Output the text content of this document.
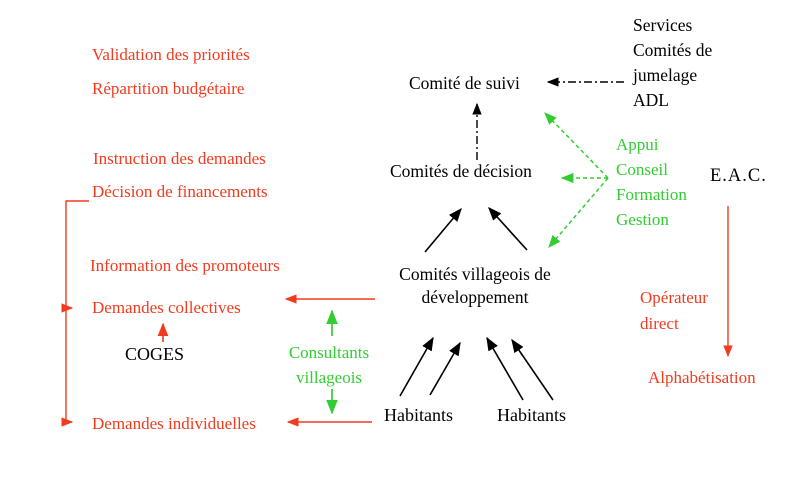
Validation des priorités
Répartition budgétaire
Instruction des demandes
Décision de financements
Information des promoteurs
Demandes collectives
COGES
Demandes individuelles
Comité de suivi
Comités de décision
Comités villageois de
développement
Habitants Habitants
Consultants
villageois
Services
Comités de
jumelage
ADL
Appui
Conseil
Formation
Gestion
E.A.C.
Opérateur
direct
Alphabétisation
